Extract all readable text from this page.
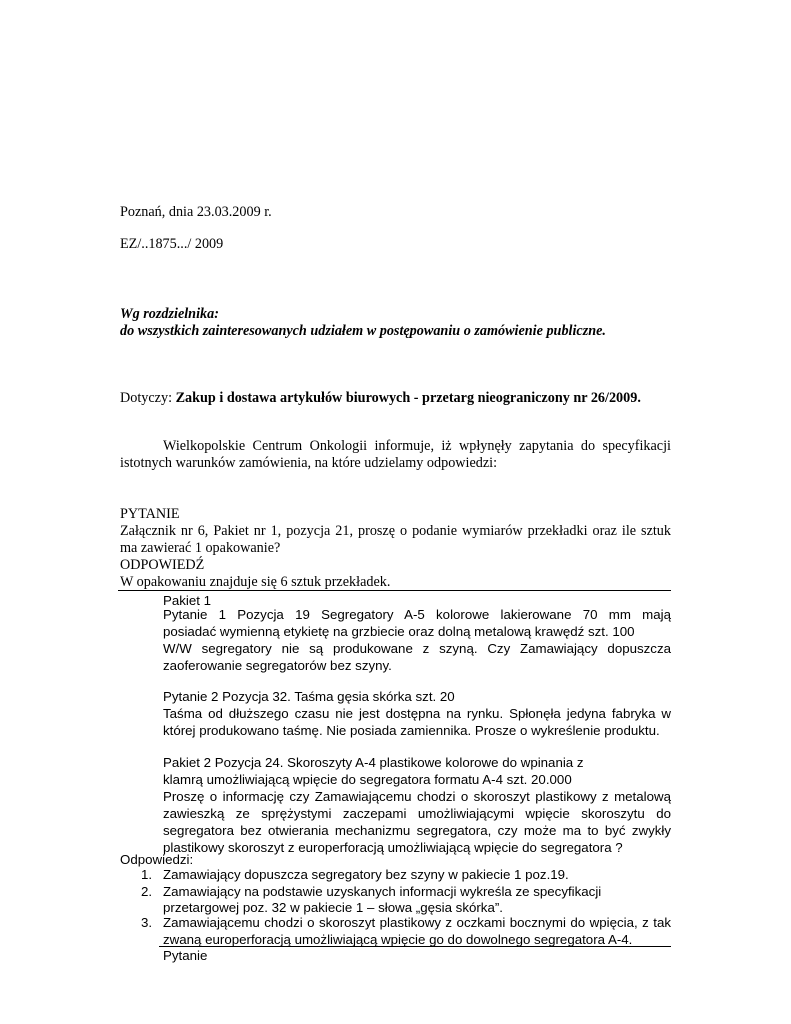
Poznań, dnia 23.03.2009 r.
EZ/..1875.../ 2009
Wg rozdzielnika:
do wszystkich zainteresowanych udziałem w postępowaniu o zamówienie publiczne.
Dotyczy: Zakup i dostawa artykułów biurowych - przetarg nieograniczony nr 26/2009.
Wielkopolskie Centrum Onkologii informuje, iż wpłynęły zapytania do specyfikacji
istotnych warunków zamówienia, na które udzielamy odpowiedzi:
PYTANIE
Załącznik nr 6, Pakiet nr 1, pozycja 21, proszę o podanie wymiarów przekładki oraz ile sztuk
ma zawierać 1 opakowanie?
ODPOWIEDŹ
W opakowaniu znajduje się 6 sztuk przekładek.
Pakiet 1
Pytanie 1 Pozycja 19 Segregatory A-5 kolorowe lakierowane 70 mm mają
posiadać wymienną etykietę na grzbiecie oraz dolną metalową krawędź szt. 100
W/W segregatory nie są produkowane z szyną. Czy Zamawiający dopuszcza
zaoferowanie segregatorów bez szyny.
Pytanie 2 Pozycja 32. Taśma gęsia skórka szt. 20
Taśma od dłuższego czasu nie jest dostępna na rynku. Spłonęła jedyna fabryka w
której produkowano taśmę. Nie posiada zamiennika. Prosze o wykreślenie produktu.
Pakiet 2 Pozycja 24. Skoroszyty A-4 plastikowe kolorowe do wpinania z
klamrą umożliwiającą wpięcie do segregatora formatu A-4 szt. 20.000
Proszę o informację czy Zamawiającemu chodzi o skoroszyt plastikowy z metalową
zawieszką ze sprężystymi zaczepami umożliwiającymi wpięcie skoroszytu do
segregatora bez otwierania mechanizmu segregatora, czy może ma to być zwykły
plastikowy skoroszyt z europerforacją umożliwiającą wpięcie do segregatora ?
Odpowiedzi:
1. Zamawiający dopuszcza segregatory bez szyny w pakiecie 1 poz.19.
2. Zamawiający na podstawie uzyskanych informacji wykreśla ze specyfikacji
przetargowej poz. 32 w pakiecie 1 – słowa „gęsia skórka”.
3. Zamawiającemu chodzi o skoroszyt plastikowy z oczkami bocznymi do wpięcia, z tak
zwaną europerforacją umożliwiającą wpięcie go do dowolnego segregatora A-4.
Pytanie
